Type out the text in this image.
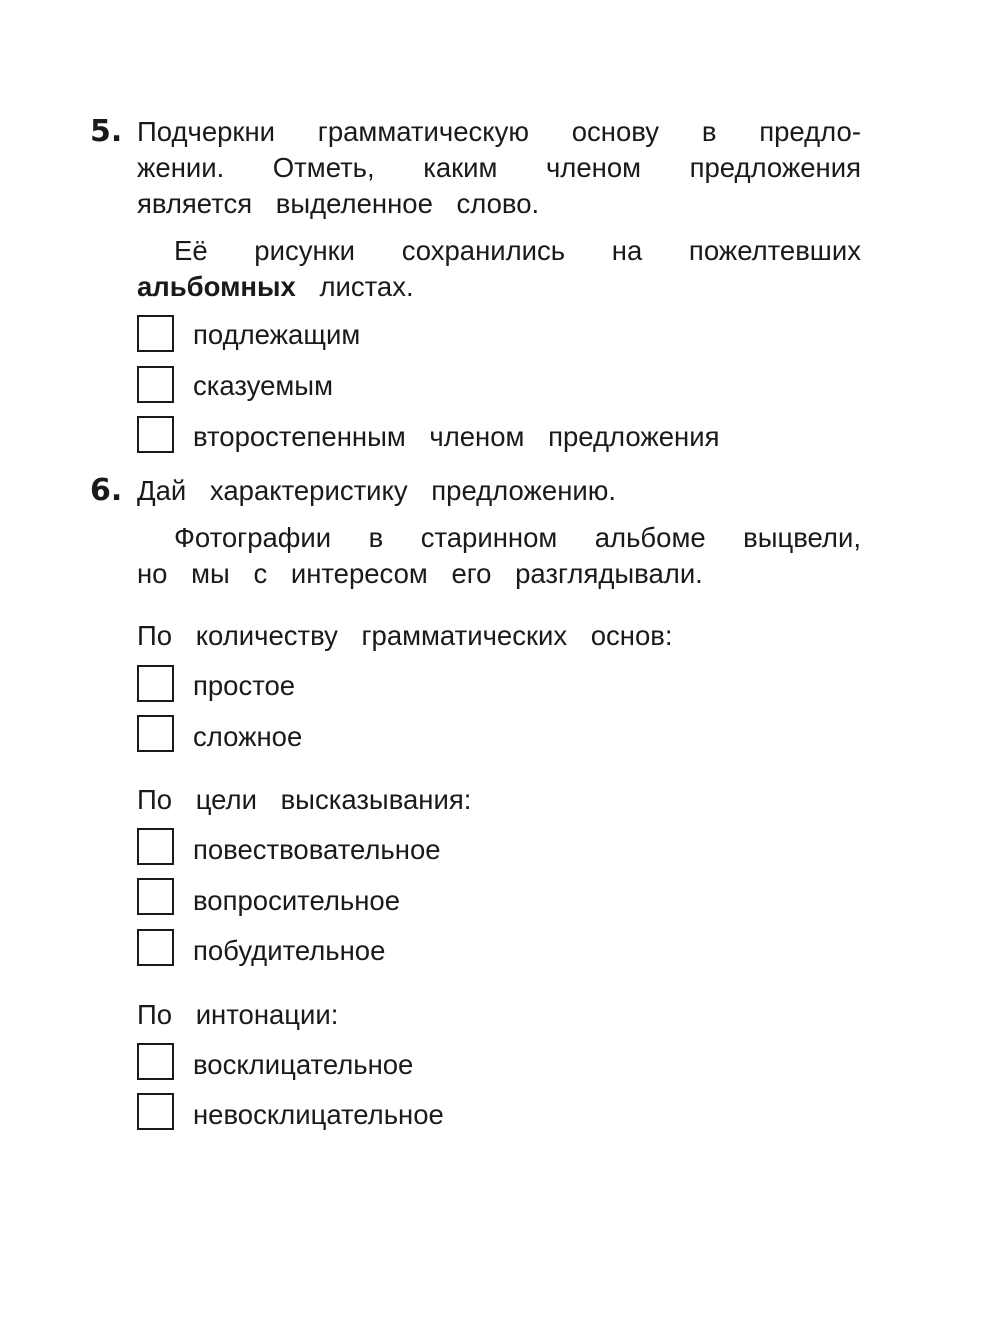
5. Подчеркни грамматическую основу в предло-
жении. Отметь, каким членом предложения
является выделенное слово.
Её рисунки сохранились на пожелтевших
альбомных листах.
подлежащим
сказуемым
второстепенным членом предложения
6. Дай характеристику предложению.
Фотографии в старинном альбоме выцвели,
но мы с интересом его разглядывали.
По количеству грамматических основ:
простое
сложное
По цели высказывания:
повествовательное
вопросительное
побудительное
По интонации:
восклицательное
невосклицательное
